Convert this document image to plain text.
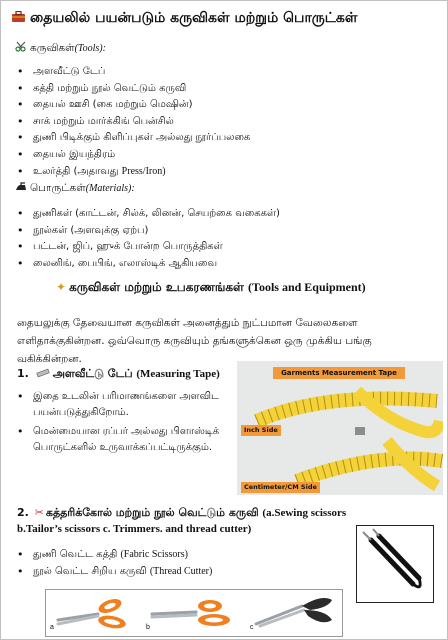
தையலில் பயன்படும் கருவிகள் மற்றும் பொருட்கள்
கருவிகள்(Tools):
• அளவீட்டு டேப்
• கத்தி மற்றும் நூல் வெட்டும் கருவி
• தையல் ஊசி (கை மற்றும் மெஷின்)
• சாக் மற்றும் மார்க்கிங் பென்சில்
• துணி பிடிக்கும் கிளிப்புகள் அல்லது நூர்ப்பலகை
• தையல் இயந்திரம்
• உலர்த்தி (அதாவது Press/Iron)
பொருட்கள்(Materials):
• துணிகள் (காட்டன், சில்க், லினன், செயற்கை வகைகள்)
• நூல்கள் (அளவுக்கு ஏற்ப)
• பட்டன், ஜிப், ஹுக் போன்ற பொருத்திகள்
• லைனிங், பைபிங், எலாஸ்டிக் ஆகியவை
✦ கருவிகள் மற்றும் உபகரணங்கள் (Tools and Equipment)
தையலுக்கு தேவையான கருவிகள் அனைத்தும் நுட்பமான வேலைகளை எளிதாக்குகின்றன. ஒவ்வொரு கருவியும் தங்களுக்கென ஒரு முக்கிய பங்கு வகிக்கின்றன.
1. அளவீட்டு டேப் (Measuring Tape)
• இதை உடலின் பரிமாணங்களை அளவிட பயன்படுத்துகிறோம்.
• மென்மையான ரப்பர் அல்லது பிளாஸ்டிக் பொருட்களில் உருவாக்கப்பட்டிருக்கும்.
Garments Measurement Tape
Inch Side
Centimeter/CM Side
2. ✂ கத்தரிக்கோல் மற்றும் நூல் வெட்டும் கருவி (a.Sewing scissors
b.Tailor’s scissors c. Trimmers. and thread cutter)
• துணி வெட்ட கத்தி (Fabric Scissors)
• நூல் வெட்ட சிறிய கருவி (Thread Cutter)
a	b	c
